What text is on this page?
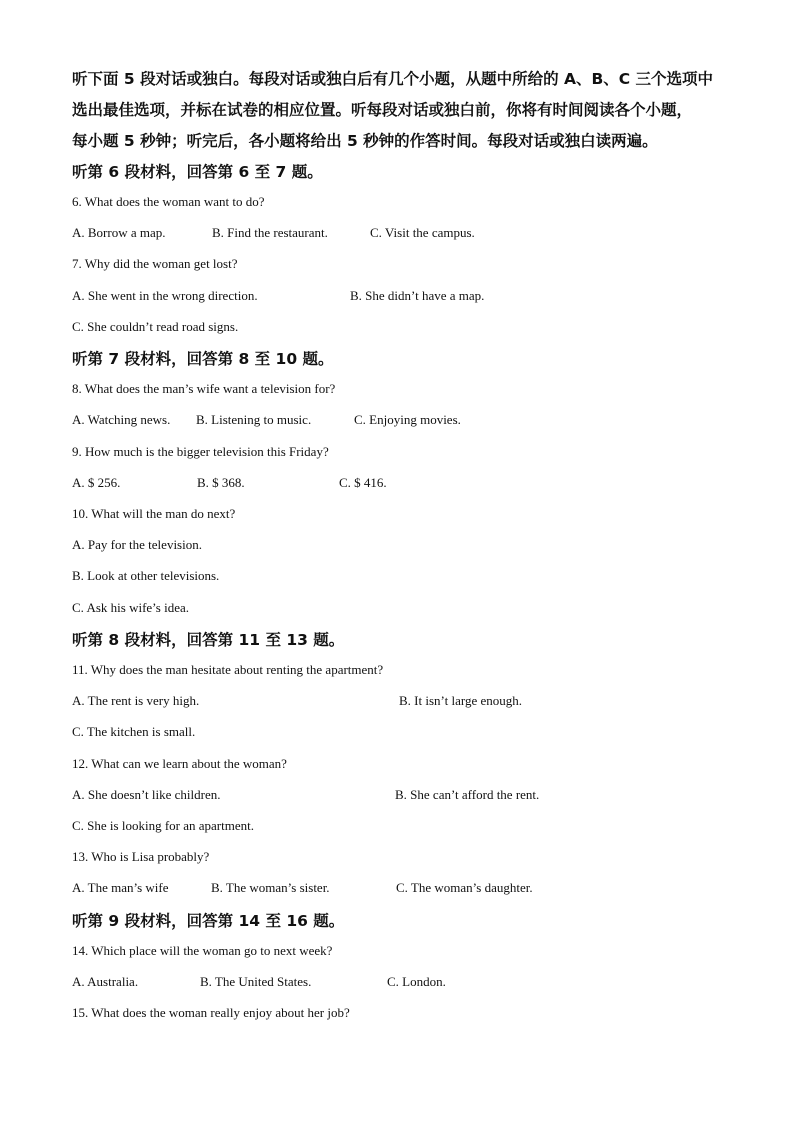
听下面 5 段对话或独白。每段对话或独白后有几个小题，从题中所给的 A、B、C 三个选项中
选出最佳选项，并标在试卷的相应位置。听每段对话或独白前，你将有时间阅读各个小题，
每小题 5 秒钟；听完后，各小题将给出 5 秒钟的作答时间。每段对话或独白读两遍。
听第 6 段材料，回答第 6 至 7 题。
6. What does the woman want to do?
A. Borrow a map.	B. Find the restaurant.	C. Visit the campus.
7. Why did the woman get lost?
A. She went in the wrong direction.	B. She didn’t have a map.
C. She couldn’t read road signs.
听第 7 段材料，回答第 8 至 10 题。
8. What does the man’s wife want a television for?
A. Watching news. B. Listening to music.	C. Enjoying movies.
9. How much is the bigger television this Friday?
A. $ 256.	B. $ 368.	C. $ 416.
10. What will the man do next?
A. Pay for the television.
B. Look at other televisions.
C. Ask his wife’s idea.
听第 8 段材料，回答第 11 至 13 题。
11. Why does the man hesitate about renting the apartment?
A. The rent is very high.	B. It isn’t large enough.
C. The kitchen is small.
12. What can we learn about the woman?
A. She doesn’t like children.	B. She can’t afford the rent.
C. She is looking for an apartment.
13. Who is Lisa probably?
A. The man’s wife	B. The woman’s sister.	C. The woman’s daughter.
听第 9 段材料，回答第 14 至 16 题。
14. Which place will the woman go to next week?
A. Australia.	B. The United States.	C. London.
15. What does the woman really enjoy about her job?
